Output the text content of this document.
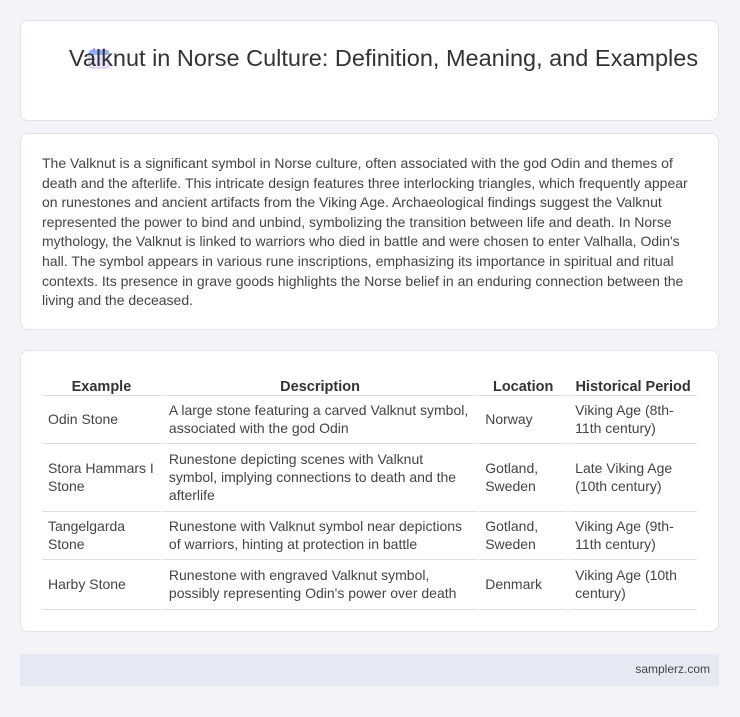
Valknut in Norse Culture: Definition, Meaning, and Examples

The Valknut is a significant symbol in Norse culture, often associated with the god Odin and themes of death and the afterlife. This intricate design features three interlocking triangles, which frequently appear on runestones and ancient artifacts from the Viking Age. Archaeological findings suggest the Valknut represented the power to bind and unbind, symbolizing the transition between life and death. In Norse mythology, the Valknut is linked to warriors who died in battle and were chosen to enter Valhalla, Odin's hall. The symbol appears in various rune inscriptions, emphasizing its importance in spiritual and ritual contexts. Its presence in grave goods highlights the Norse belief in an enduring connection between the living and the deceased.

Example	Description	Location	Historical Period
Odin Stone	A large stone featuring a carved Valknut symbol, associated with the god Odin	Norway	Viking Age (8th-11th century)
Stora Hammars I Stone	Runestone depicting scenes with Valknut symbol, implying connections to death and the afterlife	Gotland, Sweden	Late Viking Age (10th century)
Tangelgarda Stone	Runestone with Valknut symbol near depictions of warriors, hinting at protection in battle	Gotland, Sweden	Viking Age (9th-11th century)
Harby Stone	Runestone with engraved Valknut symbol, possibly representing Odin's power over death	Denmark	Viking Age (10th century)
samplerz.com
